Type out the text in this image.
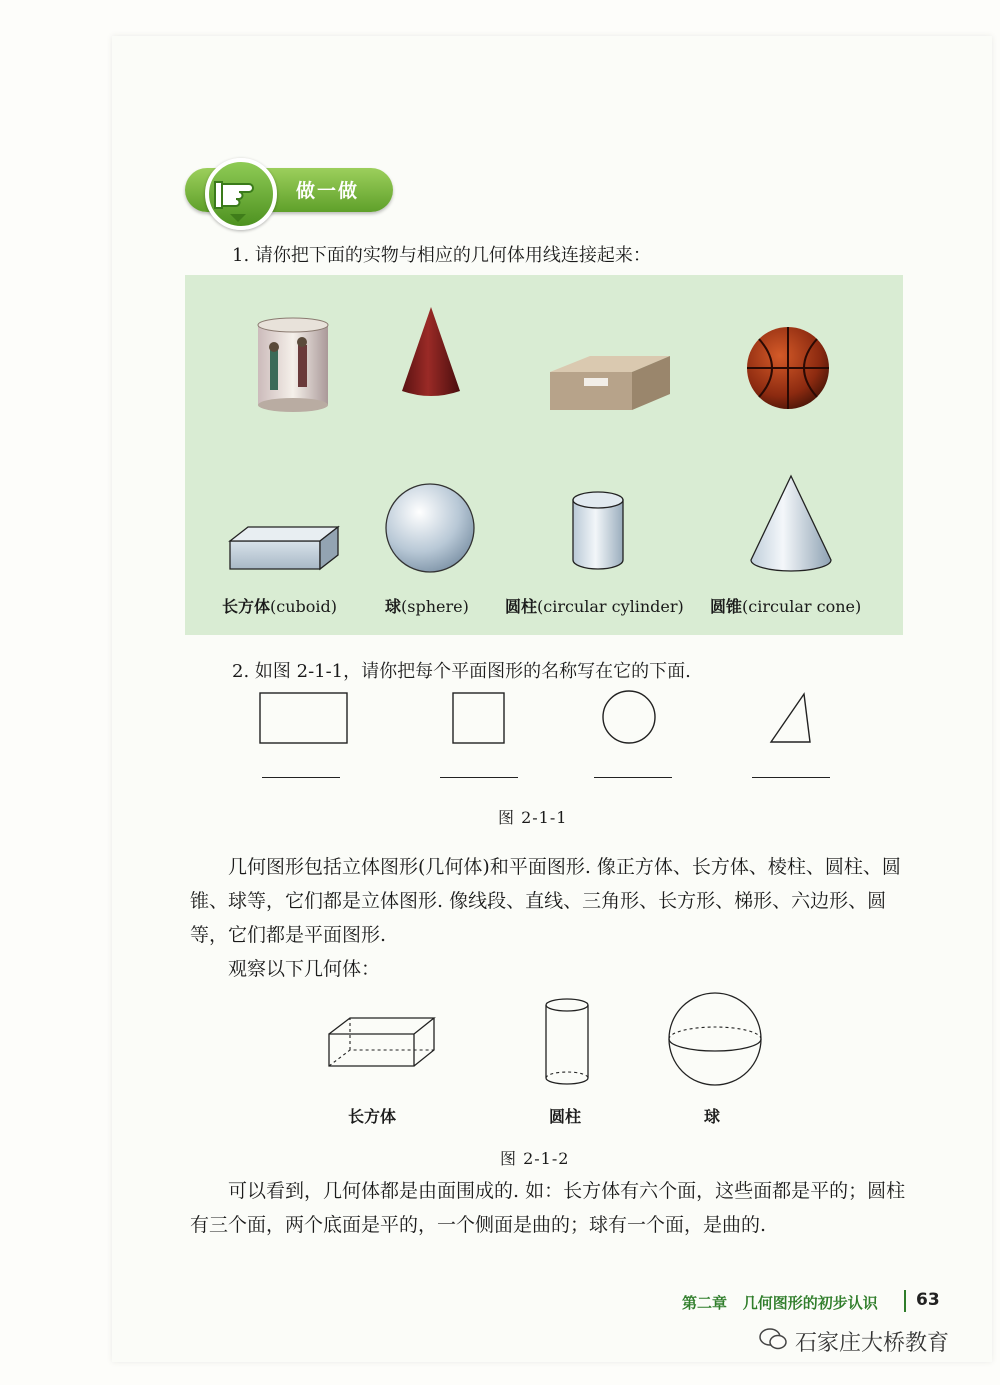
做一做
1. 请你把下面的实物与相应的几何体用线连接起来：
长方体(cuboid)	球(sphere) 圆柱(circular cylinder) 圆锥(circular cone)
2. 如图 2-1-1，请你把每个平面图形的名称写在它的下面.
图 2-1-1

几何图形包括立体图形(几何体)和平面图形. 像正方体、长方体、棱柱、圆柱、圆锥、球等，它们都是立体图形. 像线段、直线、三角形、长方形、梯形、六边形、圆等，它们都是平面图形.

观察以下几何体：

长方体	圆柱	球
图 2-1-2

可以看到，几何体都是由面围成的. 如：长方体有六个面，这些面都是平的；圆柱有三个面，两个底面是平的，一个侧面是曲的；球有一个面，是曲的.

第二章 几何图形的初步认识 63
石家庄大桥教育
